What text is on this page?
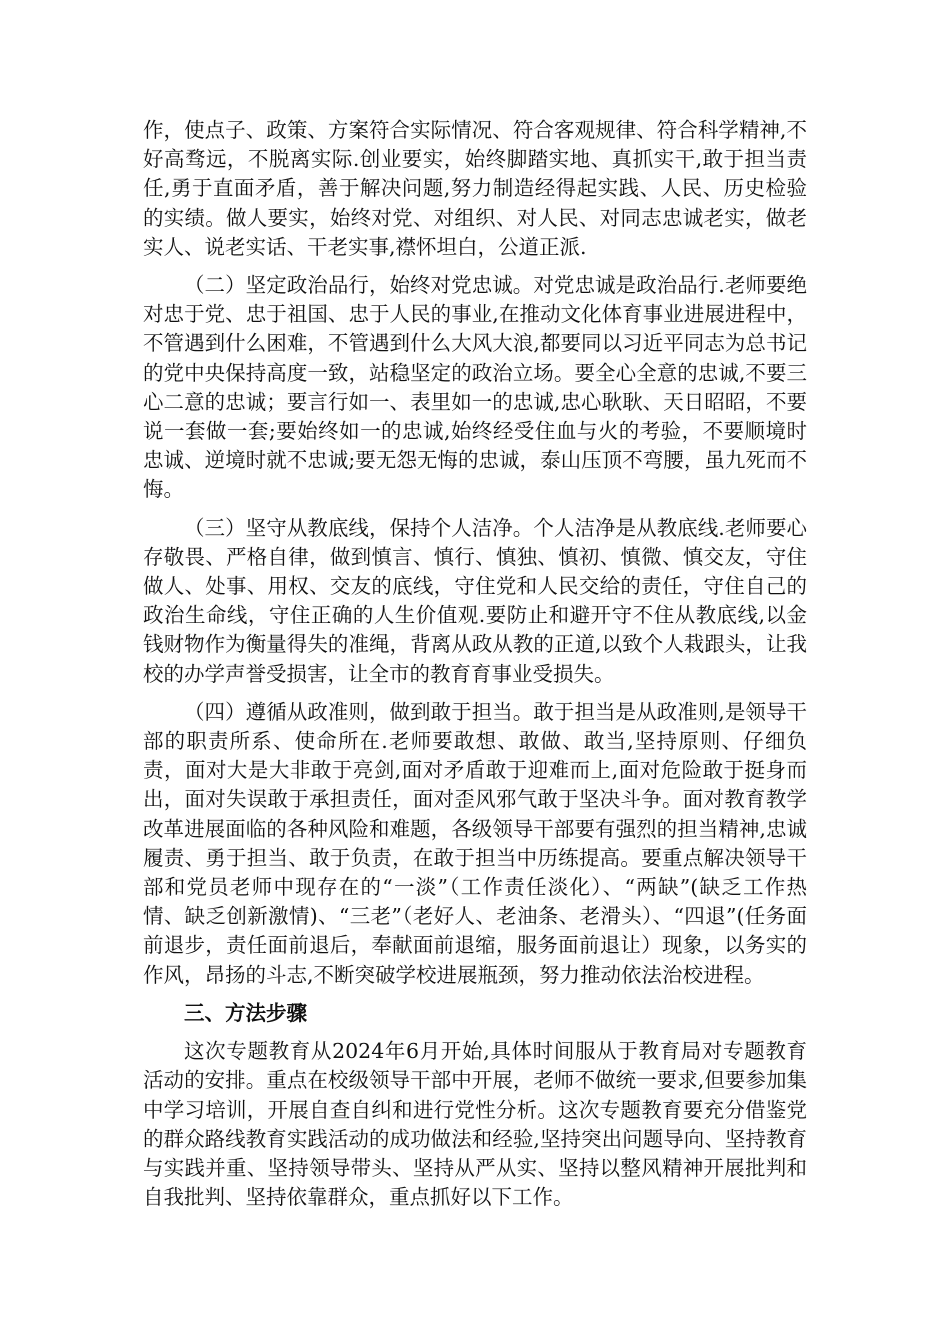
作，使点子、政策、方案符合实际情况、符合客观规律、符合科学精神,不好高骛远，不脱离实际.创业要实，始终脚踏实地、真抓实干,敢于担当责任,勇于直面矛盾，善于解决问题,努力制造经得起实践、人民、历史检验的实绩。做人要实，始终对党、对组织、对人民、对同志忠诚老实，做老实人、说老实话、干老实事,襟怀坦白，公道正派.

（二）坚定政治品行，始终对党忠诚。对党忠诚是政治品行.老师要绝对忠于党、忠于祖国、忠于人民的事业,在推动文化体育事业进展进程中，不管遇到什么困难，不管遇到什么大风大浪,都要同以习近平同志为总书记的党中央保持高度一致，站稳坚定的政治立场。要全心全意的忠诚,不要三心二意的忠诚；要言行如一、表里如一的忠诚,忠心耿耿、天日昭昭，不要说一套做一套;要始终如一的忠诚,始终经受住血与火的考验，不要顺境时忠诚、逆境时就不忠诚;要无怨无悔的忠诚，泰山压顶不弯腰，虽九死而不悔。

（三）坚守从教底线，保持个人洁净。个人洁净是从教底线.老师要心存敬畏、严格自律，做到慎言、慎行、慎独、慎初、慎微、慎交友，守住做人、处事、用权、交友的底线，守住党和人民交给的责任，守住自己的政治生命线，守住正确的人生价值观.要防止和避开守不住从教底线,以金钱财物作为衡量得失的准绳，背离从政从教的正道,以致个人栽跟头，让我校的办学声誉受损害，让全市的教育育事业受损失。

（四）遵循从政准则，做到敢于担当。敢于担当是从政准则,是领导干部的职责所系、使命所在.老师要敢想、敢做、敢当,坚持原则、仔细负责，面对大是大非敢于亮剑,面对矛盾敢于迎难而上,面对危险敢于挺身而出，面对失误敢于承担责任，面对歪风邪气敢于坚决斗争。面对教育教学改革进展面临的各种风险和难题，各级领导干部要有强烈的担当精神,忠诚履责、勇于担当、敢于负责，在敢于担当中历练提高。要重点解决领导干部和党员老师中现存在的“一淡”（工作责任淡化）、“两缺”(缺乏工作热情、缺乏创新激情)、“三老”（老好人、老油条、老滑头）、“四退”(任务面前退步，责任面前退后，奉献面前退缩，服务面前退让）现象，以务实的作风，昂扬的斗志,不断突破学校进展瓶颈，努力推动依法治校进程。

三、方法步骤

这次专题教育从2024年6月开始,具体时间服从于教育局对专题教育活动的安排。重点在校级领导干部中开展，老师不做统一要求,但要参加集中学习培训，开展自查自纠和进行党性分析。这次专题教育要充分借鉴党的群众路线教育实践活动的成功做法和经验,坚持突出问题导向、坚持教育与实践并重、坚持领导带头、坚持从严从实、坚持以整风精神开展批判和自我批判、坚持依靠群众，重点抓好以下工作。
